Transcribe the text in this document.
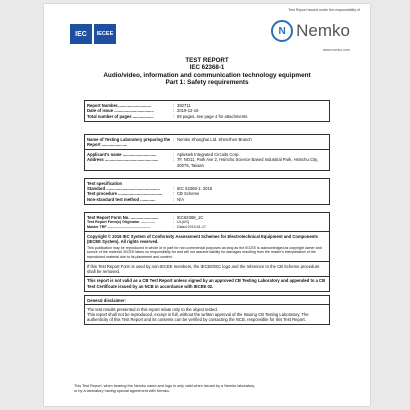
Test Report issued under the responsibility of
IEC	IECEE	N Nemko
www.nemko.com
TEST REPORT
IEC 62368-1
Audio/video, information and communication technology equipment
Part 1: Safety requirements
Report Number.............................	: 382711
Date of issue ..................................	: 2019-12-16
Total number of pages ..................	: 59 pages, see page 4 for attachments
Name of Testing Laboratory preparing the Report ......................
: Nemko Shanghai Ltd. Shenzhen Branch
Applicant's name .............................	: Aplustek Integrated Circuits Corp.
Address ..............................................	: 7F, NO11, Park Ave 2, Hsinchu Science Based Industrial Park, Hsinchu City, 30075, Taiwan
Test specification
Standard ..............................................	: IEC 62368-1: 2018
Test procedure ......................................	: CB Scheme
Non-standard test method .............	: N/A
Test Report Form No. ........................	: IEC62368_1C
Test Report Form(s) Originator ...............	: UL(US)
Master TRF ...........................................	: Dated 2019-01-17

Copyright © 2019 IEC System of Conformity Assessment Schemes for Electrotechnical Equipment and Components (IECEE System). All rights reserved.

This publication may be reproduced in whole or in part for non-commercial purposes as long as the IECEE is acknowledged as copyright owner and source of the material. IECEE takes no responsibility for and will not assume liability for damages resulting from the reader's interpretation of the reproduced material due to its placement and context.

If this Test Report Form is used by non-IECEE members, the IECEE/IEC logo and the reference to the CB Scheme procedure shall be removed.

This report is not valid as a CB Test Report unless signed by an approved CB Testing Laboratory and appended to a CB Test Certificate issued by an NCB in accordance with IECEE 02.

General disclaimer:

The test results presented in this report relate only to the object tested.

This report shall not be reproduced, except in full, without the written approval of the Issuing CB Testing Laboratory. The authenticity of this Test Report and its contents can be verified by contacting the NCB, responsible for this Test Report.

This Test Report, when bearing the Nemko name and logo is only valid when issued by a Nemko laboratory,
or by a laboratory having special agreement with Nemko.
